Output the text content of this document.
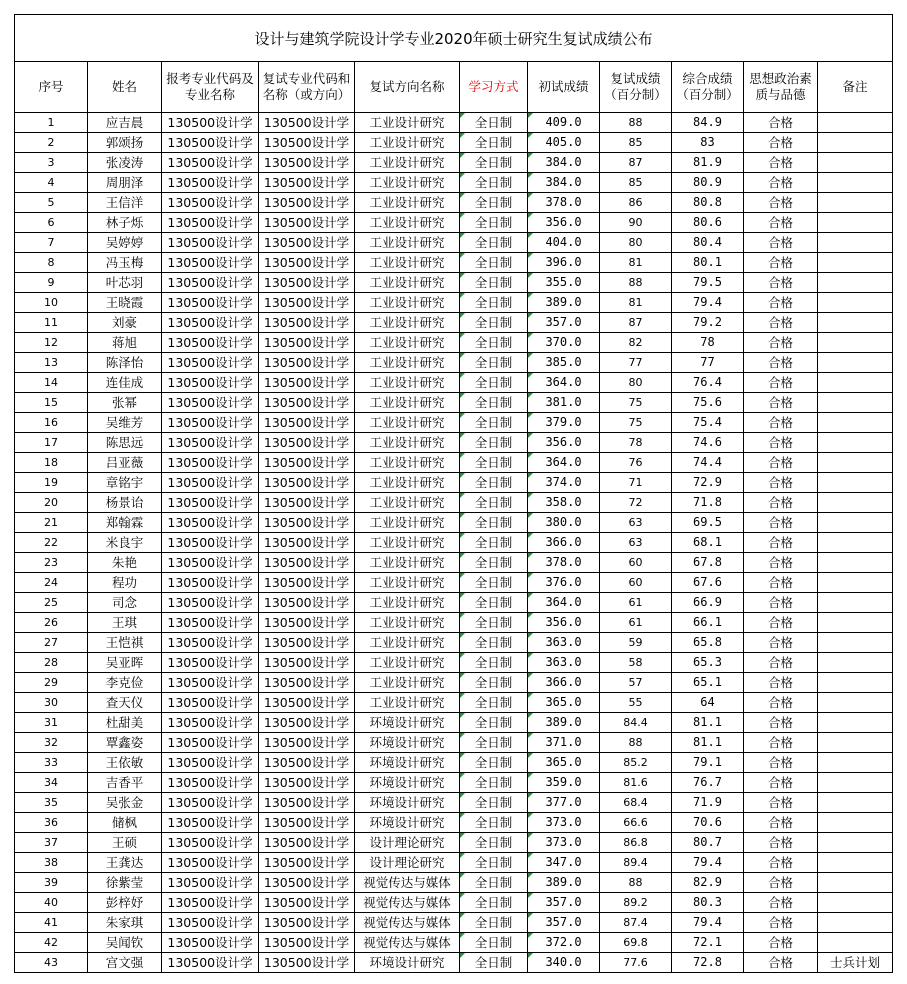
设计与建筑学院设计学专业2020年硕士研究生复试成绩公布										
序号	姓名	报考专业代码及专业名称	复试专业代码和名称（或方向）	复试方向名称	学习方式	初试成绩	复试成绩（百分制）	综合成绩（百分制）	思想政治素质与品德	备注
1	应吉晨	130500设计学	130500设计学	工业设计研究	全日制	409.0	88	84.9	合格	
2	郭颂扬	130500设计学	130500设计学	工业设计研究	全日制	405.0	85	83	合格	
3	张凌涛	130500设计学	130500设计学	工业设计研究	全日制	384.0	87	81.9	合格	
4	周朋泽	130500设计学	130500设计学	工业设计研究	全日制	384.0	85	80.9	合格	
5	王信洋	130500设计学	130500设计学	工业设计研究	全日制	378.0	86	80.8	合格	
6	林子烁	130500设计学	130500设计学	工业设计研究	全日制	356.0	90	80.6	合格	
7	吴婷婷	130500设计学	130500设计学	工业设计研究	全日制	404.0	80	80.4	合格	
8	冯玉梅	130500设计学	130500设计学	工业设计研究	全日制	396.0	81	80.1	合格	
9	叶芯羽	130500设计学	130500设计学	工业设计研究	全日制	355.0	88	79.5	合格	
10	王晓霞	130500设计学	130500设计学	工业设计研究	全日制	389.0	81	79.4	合格	
11	刘豪	130500设计学	130500设计学	工业设计研究	全日制	357.0	87	79.2	合格	
12	蒋旭	130500设计学	130500设计学	工业设计研究	全日制	370.0	82	78	合格	
13	陈泽怡	130500设计学	130500设计学	工业设计研究	全日制	385.0	77	77	合格	
14	连佳成	130500设计学	130500设计学	工业设计研究	全日制	364.0	80	76.4	合格	
15	张幂	130500设计学	130500设计学	工业设计研究	全日制	381.0	75	75.6	合格	
16	吴维芳	130500设计学	130500设计学	工业设计研究	全日制	379.0	75	75.4	合格	
17	陈思远	130500设计学	130500设计学	工业设计研究	全日制	356.0	78	74.6	合格	
18	吕亚薇	130500设计学	130500设计学	工业设计研究	全日制	364.0	76	74.4	合格	
19	章铭宇	130500设计学	130500设计学	工业设计研究	全日制	374.0	71	72.9	合格	
20	杨景诒	130500设计学	130500设计学	工业设计研究	全日制	358.0	72	71.8	合格	
21	郑翰霖	130500设计学	130500设计学	工业设计研究	全日制	380.0	63	69.5	合格	
22	米良宇	130500设计学	130500设计学	工业设计研究	全日制	366.0	63	68.1	合格	
23	朱艳	130500设计学	130500设计学	工业设计研究	全日制	378.0	60	67.8	合格	
24	程功	130500设计学	130500设计学	工业设计研究	全日制	376.0	60	67.6	合格	
25	司念	130500设计学	130500设计学	工业设计研究	全日制	364.0	61	66.9	合格	
26	王琪	130500设计学	130500设计学	工业设计研究	全日制	356.0	61	66.1	合格	
27	王恺祺	130500设计学	130500设计学	工业设计研究	全日制	363.0	59	65.8	合格	
28	吴亚晖	130500设计学	130500设计学	工业设计研究	全日制	363.0	58	65.3	合格	
29	李克俭	130500设计学	130500设计学	工业设计研究	全日制	366.0	57	65.1	合格	
30	查天仪	130500设计学	130500设计学	工业设计研究	全日制	365.0	55	64	合格	
31	杜甜美	130500设计学	130500设计学	环境设计研究	全日制	389.0	84.4	81.1	合格	
32	覃鑫姿	130500设计学	130500设计学	环境设计研究	全日制	371.0	88	81.1	合格	
33	王依敏	130500设计学	130500设计学	环境设计研究	全日制	365.0	85.2	79.1	合格	
34	吉香平	130500设计学	130500设计学	环境设计研究	全日制	359.0	81.6	76.7	合格	
35	吴张金	130500设计学	130500设计学	环境设计研究	全日制	377.0	68.4	71.9	合格	
36	储枫	130500设计学	130500设计学	环境设计研究	全日制	373.0	66.6	70.6	合格	
37	王硕	130500设计学	130500设计学	设计理论研究	全日制	373.0	86.8	80.7	合格	
38	王龚达	130500设计学	130500设计学	设计理论研究	全日制	347.0	89.4	79.4	合格	
39	徐紫莹	130500设计学	130500设计学	视觉传达与媒体	全日制	389.0	88	82.9	合格	
40	彭梓妤	130500设计学	130500设计学	视觉传达与媒体	全日制	357.0	89.2	80.3	合格	
41	朱家琪	130500设计学	130500设计学	视觉传达与媒体	全日制	357.0	87.4	79.4	合格	
42	吴闻钦	130500设计学	130500设计学	视觉传达与媒体	全日制	372.0	69.8	72.1	合格	
43	宫文强	130500设计学	130500设计学	环境设计研究	全日制	340.0	77.6	72.8	合格	士兵计划
